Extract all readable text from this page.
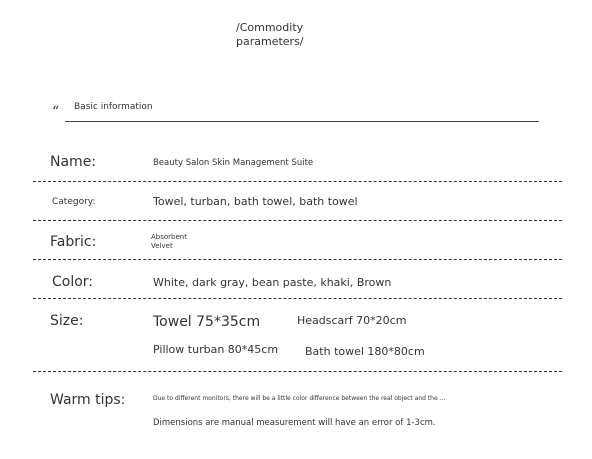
/Commodity
parameters/
“ Basic information
Name:	Beauty Salon Skin Management Suite
Category:	Towel, turban, bath towel, bath towel
Fabric:	Absorbent
Velvet
Color:	White, dark gray, bean paste, khaki, Brown
Size:	Towel 75*35cm	Headscarf 70*20cm
Pillow turban 80*45cm Bath towel 180*80cm
Warm tips:	Due to different monitors, there will be a little color difference between the real object and the ...
Dimensions are manual measurement will have an error of 1-3cm.
